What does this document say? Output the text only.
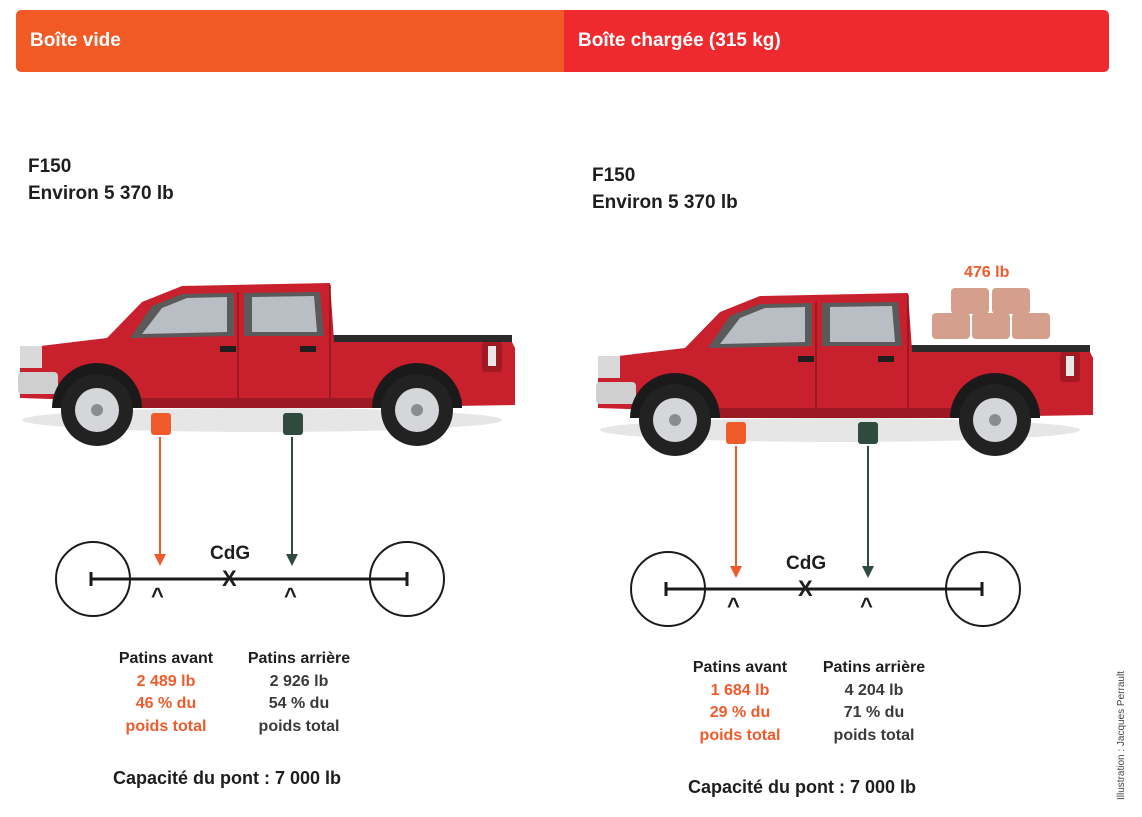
Boîte vide	Boîte chargée (315 kg)
F150
Environ 5 370 lb
F150
Environ 5 370 lb
CdG
X
^	^
CdG
X
^	^
476 lb
Patins avant
2 489 lb
46 % du
poids total
Patins arrière
2 926 lb
54 % du
poids total
Capacité du pont : 7 000 lb
Patins avant
1 684 lb
29 % du
poids total
Patins arrière
4 204 lb
71 % du
poids total
Capacité du pont : 7 000 lb	Illustration : Jacques Perrault
